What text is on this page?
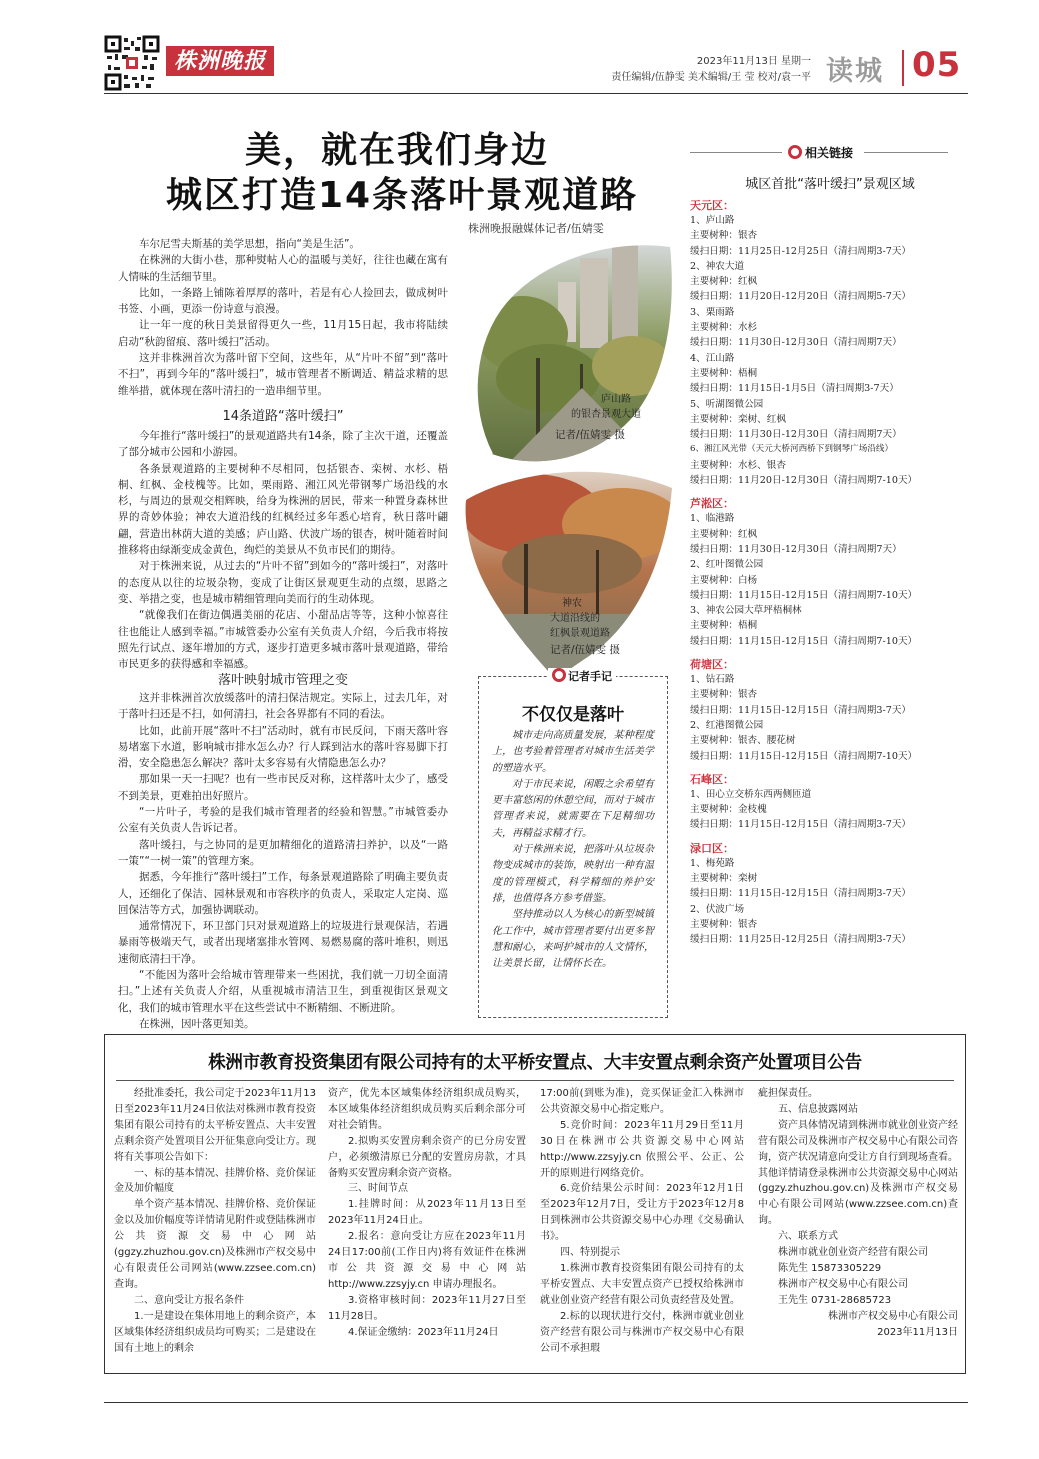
株洲晚报	2023年11月13日 星期一
责任编辑/伍静雯 美术编辑/王 莹 校对/袁一平 读城 05
美，就在我们身边
城区打造14条落叶景观道路
株洲晚报融媒体记者/伍婧雯

车尔尼雪夫斯基的美学思想，指向“美是生活”。

在株洲的大街小巷，那种熨帖人心的温暖与美好，往往也藏在寓有人情味的生活细节里。

比如，一条路上铺陈着厚厚的落叶，若是有心人捡回去，做成树叶书签、小画，更添一份诗意与浪漫。

让一年一度的秋日美景留得更久一些，11月15日起，我市将陆续启动“秋韵留痕、落叶缓扫”活动。

这并非株洲首次为落叶留下空间，这些年，从“片叶不留”到“落叶不扫”，再到今年的“落叶缓扫”，城市管理者不断调适、精益求精的思维举措，就体现在落叶清扫的一造串细节里。

14条道路“落叶缓扫”

今年推行“落叶缓扫”的景观道路共有14条，除了主次干道，还覆盖了部分城市公园和小游园。

各条景观道路的主要树种不尽相同，包括银杏、栾树、水杉、梧桐、红枫、金枝槐等。比如，栗雨路、湘江风光带钢琴广场沿线的水杉，与周边的景观交相辉映，给身为株洲的居民，带来一种置身森林世界的奇妙体验；神农大道沿线的红枫经过多年悉心培育，秋日落叶翩翩，营造出林荫大道的美感；庐山路、伏波广场的银杏，树叶随着时间推移将由绿渐变成金黄色，绚烂的美景从不负市民们的期待。

对于株洲来说，从过去的“片叶不留”到如今的“落叶缓扫”，对落叶的态度从以往的垃圾杂物，变成了让街区景观更生动的点缀，思路之变、举措之变，也是城市精细管理向美而行的生动体现。

“就像我们在街边偶遇美丽的花店、小甜品店等等，这种小惊喜往往也能让人感到幸福。”市城管委办公室有关负责人介绍，今后我市将按照先行试点、逐年增加的方式，逐步打造更多城市落叶景观道路，带给市民更多的获得感和幸福感。

落叶映射城市管理之变

这并非株洲首次放缓落叶的清扫保洁规定。实际上，过去几年，对于落叶扫还是不扫，如何清扫，社会各界都有不同的看法。

比如，此前开展“落叶不扫”活动时，就有市民反问，下雨天落叶容易堵塞下水道，影响城市排水怎么办？行人踩到沾水的落叶容易脚下打滑，安全隐患怎么解决？落叶太多容易有火情隐患怎么办？

那如果一天一扫呢？也有一些市民反对称，这样落叶太少了，感受不到美景，更难拍出好照片。

“一片叶子，考验的是我们城市管理者的经验和智慧。”市城管委办公室有关负责人告诉记者。

落叶缓扫，与之协同的是更加精细化的道路清扫养护，以及“一路一策”“一树一策”的管理方案。

据悉，今年推行“落叶缓扫”工作，每条景观道路除了明确主要负责人，还细化了保洁、园林景观和市容秩序的负责人，采取定人定岗、巡回保洁等方式，加强协调联动。

通常情况下，环卫部门只对景观道路上的垃圾进行景观保洁，若遇暴雨等极端天气，或者出现堵塞排水管网、易燃易腐的落叶堆积，则迅速彻底清扫干净。

“不能因为落叶会给城市管理带来一些困扰，我们就一刀切全面清扫。”上述有关负责人介绍，从重视城市清洁卫生，到重视街区景观文化，我们的城市管理水平在这些尝试中不断精细、不断进阶。

在株洲，因叶落更知美。

庐山路
的银杏景观大道
记者/伍婧雯 摄
神农
大道沿线的
红枫景观道路
记者/伍婧雯 摄
记者手记
不仅仅是落叶

城市走向高质量发展，某种程度上，也考验着管理者对城市生活美学的塑造水平。

对于市民来说，闲暇之余希望有更丰富悠闲的休憩空间，而对于城市管理者来说，就需要在下足精细功夫，再精益求精才行。

对于株洲来说，把落叶从垃圾杂物变成城市的装饰，映射出一种有温度的管理模式，科学精细的养护安排，也值得各方参考借鉴。

坚持推动以人为核心的新型城镇化工作中，城市管理者要付出更多智慧和耐心，来呵护城市的人文情怀，让美景长留，让情怀长在。

相关链接
城区首批“落叶缓扫”景观区域
天元区：
1、庐山路
主要树种：银杏
缓扫日期：11月25日-12月25日（清扫周期3-7天）
2、神农大道
主要树种：红枫
缓扫日期：11月20日-12月20日（清扫周期5-7天）
3、栗雨路
主要树种：水杉
缓扫日期：11月30日-12月30日（清扫周期7天）
4、江山路
主要树种：梧桐
缓扫日期：11月15日-1月5日（清扫周期3-7天）
5、听湖图微公园
主要树种：栾树、红枫
缓扫日期：11月30日-12月30日（清扫周期7天）
6、湘江风光带（天元大桥河西桥下到钢琴广场沿线）
主要树种：水杉、银杏
缓扫日期：11月20日-12月30日（清扫周期7-10天）
芦淞区：
1、临港路
主要树种：红枫
缓扫日期：11月30日-12月30日（清扫周期7天）
2、红叶图微公园
主要树种：白杨
缓扫日期：11月15日-12月15日（清扫周期7-10天）
3、神农公园大草坪梧桐林
主要树种：梧桐
缓扫日期：11月15日-12月15日（清扫周期7-10天）
荷塘区：
1、钻石路
主要树种：银杏
缓扫日期：11月15日-12月15日（清扫周期3-7天）
2、红港图微公园
主要树种：银杏、腰花树
缓扫日期：11月15日-12月15日（清扫周期7-10天）
石峰区：
1、田心立交桥东西两侧匝道
主要树种：金枝槐
缓扫日期：11月15日-12月15日（清扫周期3-7天）
渌口区：
1、梅苑路
主要树种：栾树
缓扫日期：11月15日-12月15日（清扫周期3-7天）
2、伏波广场
主要树种：银杏
缓扫日期：11月25日-12月25日（清扫周期3-7天）
株洲市教育投资集团有限公司持有的太平桥安置点、大丰安置点剩余资产处置项目公告

经批准委托，我公司定于2023年11月13日至2023年11月24日依法对株洲市教育投资集团有限公司持有的太平桥安置点、大丰安置点剩余资产处置项目公开征集意向受让方。现将有关事项公告如下：

一、标的基本情况、挂牌价格、竞价保证金及加价幅度

单个资产基本情况、挂牌价格、竞价保证金以及加价幅度等详情请见附件或登陆株洲市公共资源交易中心网站(ggzy.zhuzhou.gov.cn)及株洲市产权交易中心有限责任公司网站(www.zzsee.com.cn)查询。

二、意向受让方报名条件

1.一是建设在集体用地上的剩余资产，本区域集体经济组织成员均可购买；二是建设在国有土地上的剩余

资产，优先本区域集体经济组织成员购买，本区域集体经济组织成员购买后剩余部分可对社会销售。

2.拟购买安置房剩余资产的已分房安置户，必须缴清原已分配的安置房房款，才具备购买安置房剩余资产资格。

三、时间节点

1.挂牌时间：从2023年11月13日至2023年11月24日止。

2.报名：意向受让方应在2023年11月24日17:00前(工作日内)将有效证件在株洲市公共资源交易中心网站 http://www.zzsyjy.cn 申请办理报名。

3.资格审核时间：2023年11月27日至11月28日。

4.保证金缴纳：2023年11月24日

17:00前(到账为准)，竞买保证金汇入株洲市公共资源交易中心指定账户。

5.竞价时间：2023年11月29日至11月30日在株洲市公共资源交易中心网站 http://www.zzsyjy.cn 依照公平、公正、公开的原则进行网络竞价。

6.竞价结果公示时间：2023年12月1日至2023年12月7日，受让方于2023年12月8日到株洲市公共资源交易中心办理《交易确认书》。

四、特别提示

1.株洲市教育投资集团有限公司持有的太平桥安置点、大丰安置点资产已授权给株洲市就业创业资产经营有限公司负责经营及处置。

2.标的以现状进行交付，株洲市就业创业资产经营有限公司与株洲市产权交易中心有限公司不承担瑕

疵担保责任。

五、信息披露网站

资产具体情况请到株洲市就业创业资产经营有限公司及株洲市产权交易中心有限公司咨询，资产状况请意向受让方自行到现场查看。其他详情请登录株洲市公共资源交易中心网站(ggzy.zhuzhou.gov.cn)及株洲市产权交易中心有限公司网站(www.zzsee.com.cn)查询。

六、联系方式

株洲市就业创业资产经营有限公司

陈先生 15873305229

株洲市产权交易中心有限公司

王先生 0731-28685723

株洲市产权交易中心有限公司

2023年11月13日
